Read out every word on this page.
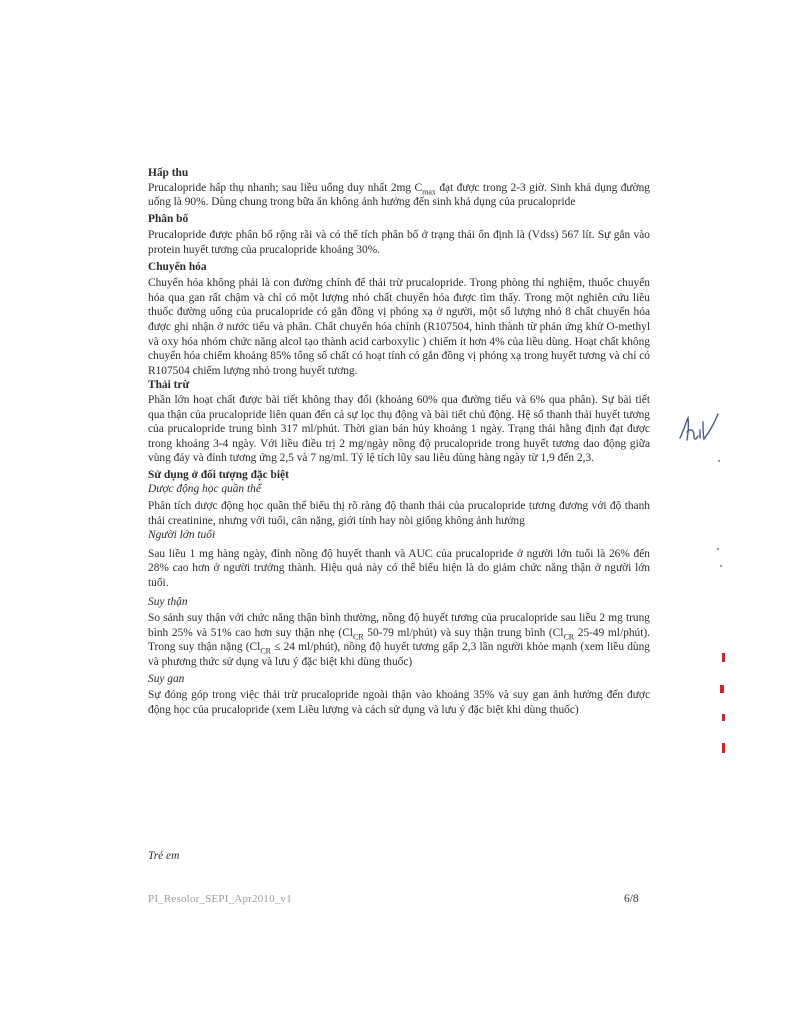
Hấp thu

Prucalopride hấp thụ nhanh; sau liều uống duy nhất 2mg $C_{max}$ đạt được trong 2-3 giờ. Sinh khả dụng đường uống là 90%. Dùng chung trong bữa ăn không ảnh hưởng đến sinh khả dụng của prucalopride

Phân bố

Prucalopride được phân bố rộng rãi và có thể tích phân bố ở trạng thái ổn định là (Vdss) 567 lít. Sự gắn vào protein huyết tương của prucalopride khoảng 30%.

Chuyển hóa

Chuyển hóa không phải là con đường chính để thải trừ prucalopride. Trong phòng thí nghiệm, thuốc chuyển hóa qua gan rất chậm và chỉ có một lượng nhỏ chất chuyển hóa được tìm thấy. Trong một nghiên cứu liều thuốc đường uống của prucalopride có gắn đồng vị phóng xạ ở người, một số lượng nhỏ 8 chất chuyển hóa được ghi nhận ở nước tiểu và phân. Chất chuyển hóa chính (R107504, hình thành từ phản ứng khử O-methyl và oxy hóa nhóm chức năng alcol tạo thành acid carboxylic ) chiếm ít hơn 4% của liều dùng. Hoạt chất không chuyển hóa chiếm khoảng 85% tổng số chất có hoạt tính có gắn đồng vị phóng xạ trong huyết tương và chỉ có R107504 chiếm lượng nhỏ trong huyết tương.

Thải trừ

Phần lớn hoạt chất được bài tiết không thay đổi (khoảng 60% qua đường tiểu và 6% qua phân). Sự bài tiết qua thận của prucalopride liên quan đến cả sự lọc thụ động và bài tiết chủ động. Hệ số thanh thải huyết tương của prucalopride trung bình 317 ml/phút. Thời gian bán hủy khoảng 1 ngày. Trạng thái hằng định đạt được trong khoảng 3-4 ngày. Với liều điều trị 2 mg/ngày nồng độ prucalopride trong huyết tương dao động giữa vùng đáy và đỉnh tương ứng 2,5 và 7 ng/ml. Tỷ lệ tích lũy sau liều dùng hàng ngày từ 1,9 đến 2,3.

Sử dụng ở đối tượng đặc biệt

Dược động học quần thể

Phân tích dược động học quần thể biểu thị rõ ràng độ thanh thải của prucalopride tương đương với độ thanh thải creatinine, nhưng với tuổi, cân nặng, giới tính hay nòi giống không ảnh hưởng

Người lớn tuổi

Sau liều 1 mg hàng ngày, đỉnh nồng độ huyết thanh và AUC của prucalopride ở người lớn tuổi là 26% đến 28% cao hơn ở người trưởng thành. Hiệu quả này có thể biểu hiện là do giảm chức năng thận ở người lớn tuổi.

Suy thận

So sánh suy thận với chức năng thận bình thường, nồng độ huyết tương của prucalopride sau liều 2 mg trung bình 25% và 51% cao hơn suy thận nhẹ ($Cl_{CR}$ 50-79 ml/phút) và suy thận trung bình ($Cl_{CR}$ 25-49 ml/phút). Trong suy thận nặng ($Cl_{CR} \le 24$ ml/phút), nồng độ huyết tương gấp 2,3 lần người khỏe mạnh (xem liều dùng và phương thức sử dụng và lưu ý đặc biệt khi dùng thuốc)

Suy gan

Sự đóng góp trong việc thải trừ prucalopride ngoài thận vào khoảng 35% và suy gan ảnh hưởng đến được động học của prucalopride (xem Liều lượng và cách sử dụng và lưu ý đặc biệt khi dùng thuốc)

Trẻ em

PI_Resolor_SEPI_Apr2010_v1	6/8
